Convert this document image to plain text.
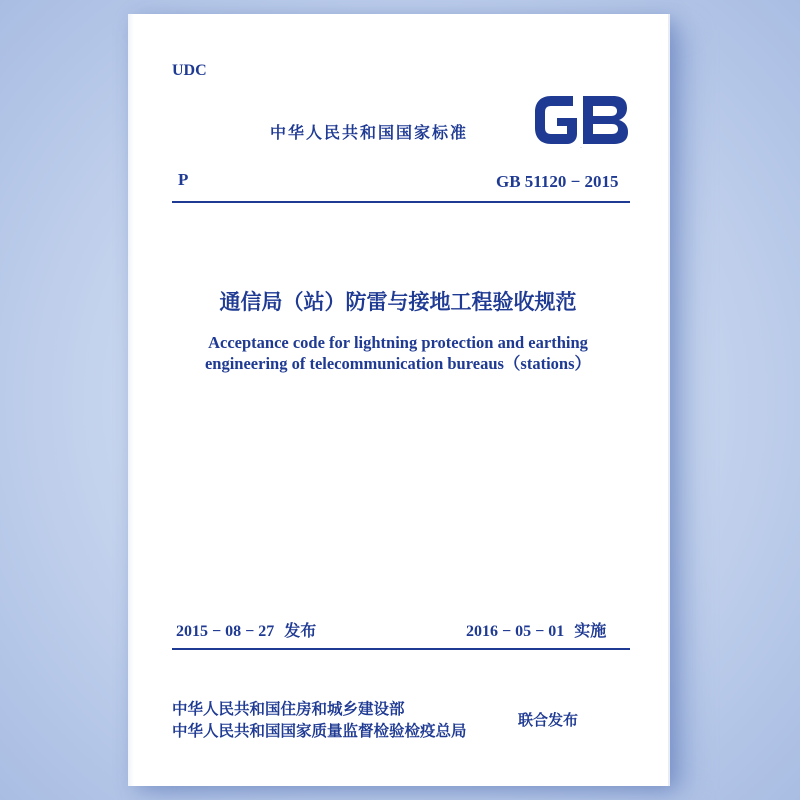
UDC
中华人民共和国国家标准
GB
P	GB 51120 − 2015
通信局（站）防雷与接地工程验收规范
Acceptance code for lightning protection and earthing
engineering of telecommunication bureaus（stations）
2015 − 08 − 27 发布	2016 − 05 − 01 实施
中华人民共和国住房和城乡建设部
中华人民共和国国家质量监督检验检疫总局
联合发布
